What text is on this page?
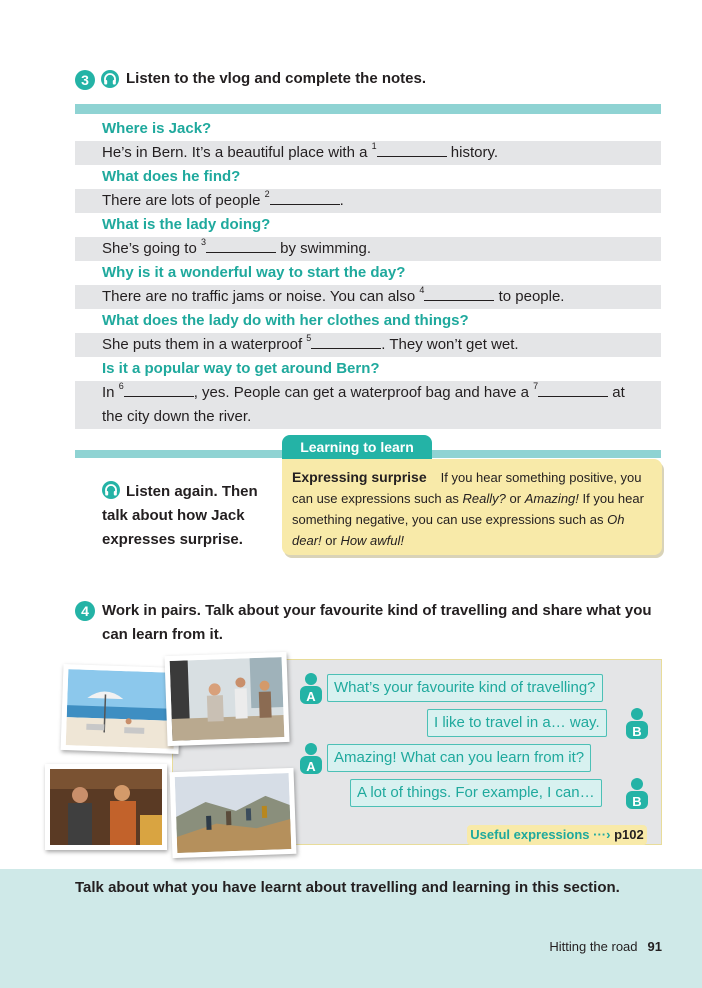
3	Listen to the vlog and complete the notes.
Where is Jack?
He’s in Bern. It’s a beautiful place with a $^1$	history.
What does he find?
There are lots of people $^2$	.
What is the lady doing?
She’s going to $^3$	by swimming.
Why is it a wonderful way to start the day?
There are no traffic jams or noise. You can also $^4$	to people.
What does the lady do with her clothes and things?
She puts them in a waterproof $^5$	. They won’t get wet.
Is it a popular way to get around Bern?
In $^6$	, yes. People can get a waterproof bag and have a $^7$	at
the city down the river.
Listen again. Then talk about how Jack expresses surprise.
Learning to learn
Expressing surprise If you hear something positive, you can use expressions such as Really? or Amazing! If you hear something negative, you can use expressions such as Oh dear! or How awful!
4 Work in pairs. Talk about your favourite kind of travelling and share what you can learn from it.
A
What’s your favourite kind of travelling?
I like to travel in a… way.
B
A
Amazing! What can you learn from it?
A lot of things. For example, I can…
B
Useful expressions ···› p102
Talk about what you have learnt about travelling and learning in this section.
Hitting the road 91
